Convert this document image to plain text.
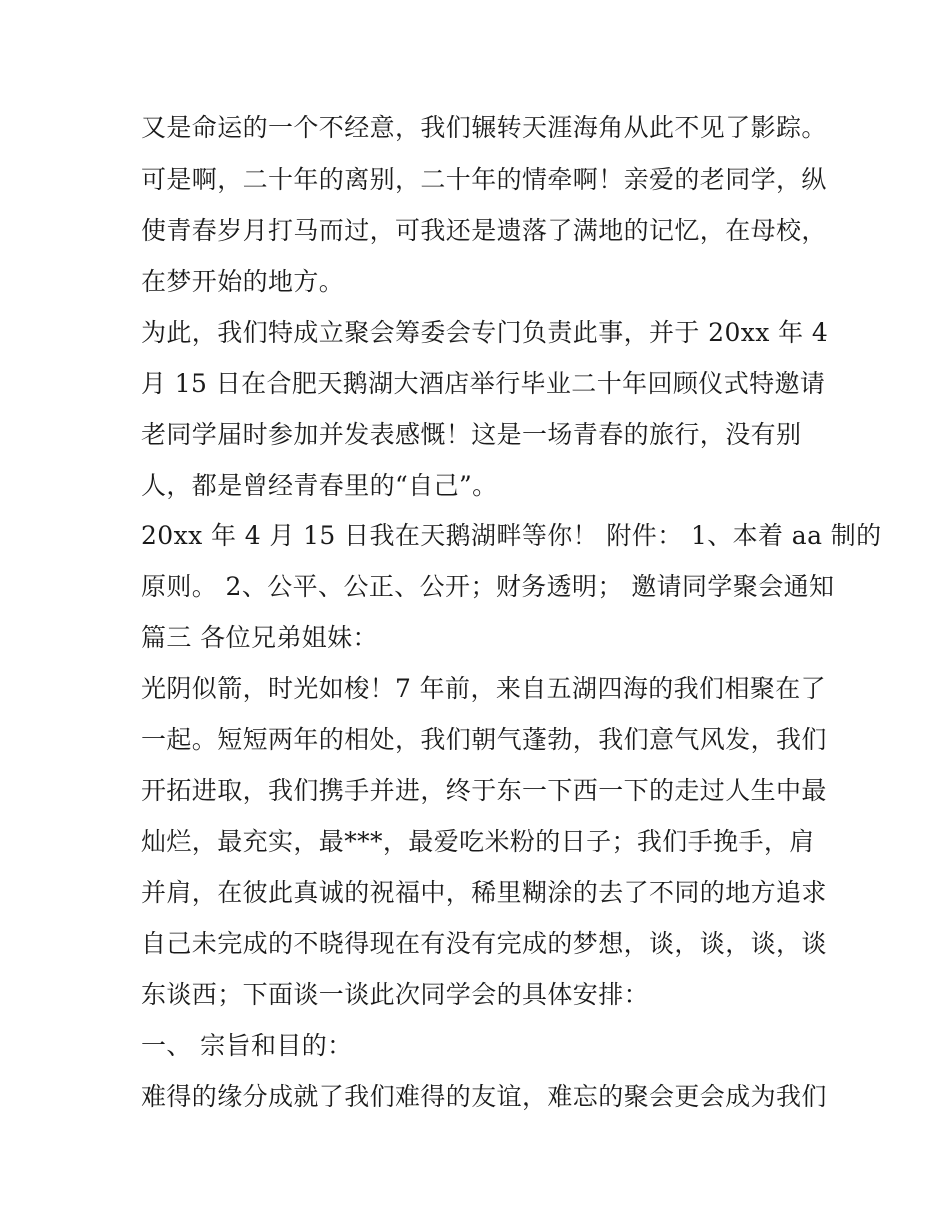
又是命运的一个不经意，我们辗转天涯海角从此不见了影踪。
可是啊，二十年的离别，二十年的情牵啊！亲爱的老同学，纵
使青春岁月打马而过，可我还是遗落了满地的记忆，在母校，
在梦开始的地方。
为此，我们特成立聚会筹委会专门负责此事，并于 20xx 年 4
月 15 日在合肥天鹅湖大酒店举行毕业二十年回顾仪式特邀请
老同学届时参加并发表感慨！这是一场青春的旅行，没有别
人，都是曾经青春里的“自己”。
20xx 年 4 月 15 日我在天鹅湖畔等你！ 附件： 1、本着 aa 制的
原则。 2、公平、公正、公开；财务透明； 邀请同学聚会通知
篇三 各位兄弟姐妹：
光阴似箭，时光如梭！7 年前，来自五湖四海的我们相聚在了
一起。短短两年的相处，我们朝气蓬勃，我们意气风发，我们
开拓进取，我们携手并进，终于东一下西一下的走过人生中最
灿烂，最充实，最***，最爱吃米粉的日子；我们手挽手，肩
并肩，在彼此真诚的祝福中，稀里糊涂的去了不同的地方追求
自己未完成的不晓得现在有没有完成的梦想，谈，谈，谈，谈
东谈西；下面谈一谈此次同学会的具体安排：
一、 宗旨和目的：
难得的缘分成就了我们难得的友谊，难忘的聚会更会成为我们
